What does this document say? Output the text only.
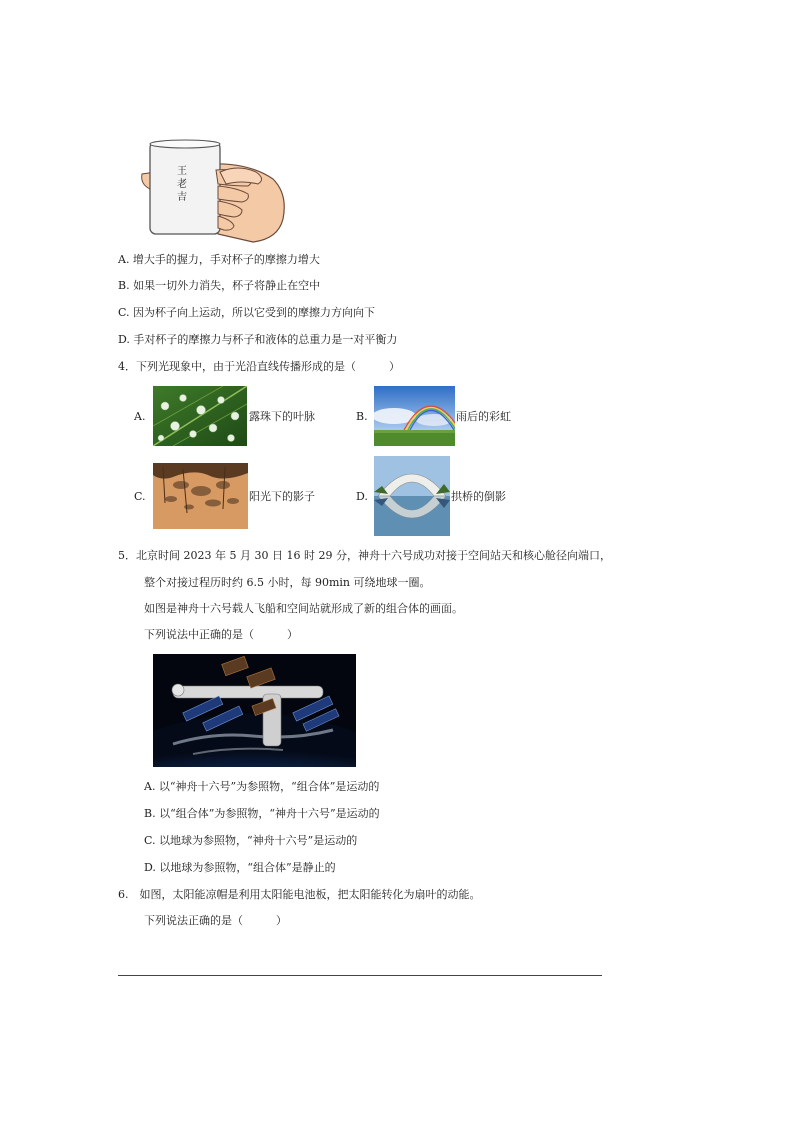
王
老
吉
A. 增大手的握力，手对杯子的摩擦力增大
B. 如果一切外力消失，杯子将静止在空中
C. 因为杯子向上运动，所以它受到的摩擦力方向向下
D. 手对杯子的摩擦力与杯子和液体的总重力是一对平衡力
4．下列光现象中，由于光沿直线传播形成的是（　　　）
A.	露珠下的叶脉	B.	雨后的彩虹
C.	阳光下的影子	D.	拱桥的倒影
5．北京时间 2023 年 5 月 30 日 16 时 29 分，神舟十六号成功对接于空间站天和核心舱径向端口，
整个对接过程历时约 6.5 小时，每 90min 可绕地球一圈。
如图是神舟十六号载人飞船和空间站就形成了新的组合体的画面。
下列说法中正确的是（　　　）
A. 以“神舟十六号”为参照物，“组合体”是运动的
B. 以“组合体”为参照物，“神舟十六号”是运动的
C. 以地球为参照物，“神舟十六号”是运动的
D. 以地球为参照物，“组合体”是静止的
6.　如图，太阳能凉帽是利用太阳能电池板，把太阳能转化为扇叶的动能。
下列说法正确的是（　　　）
